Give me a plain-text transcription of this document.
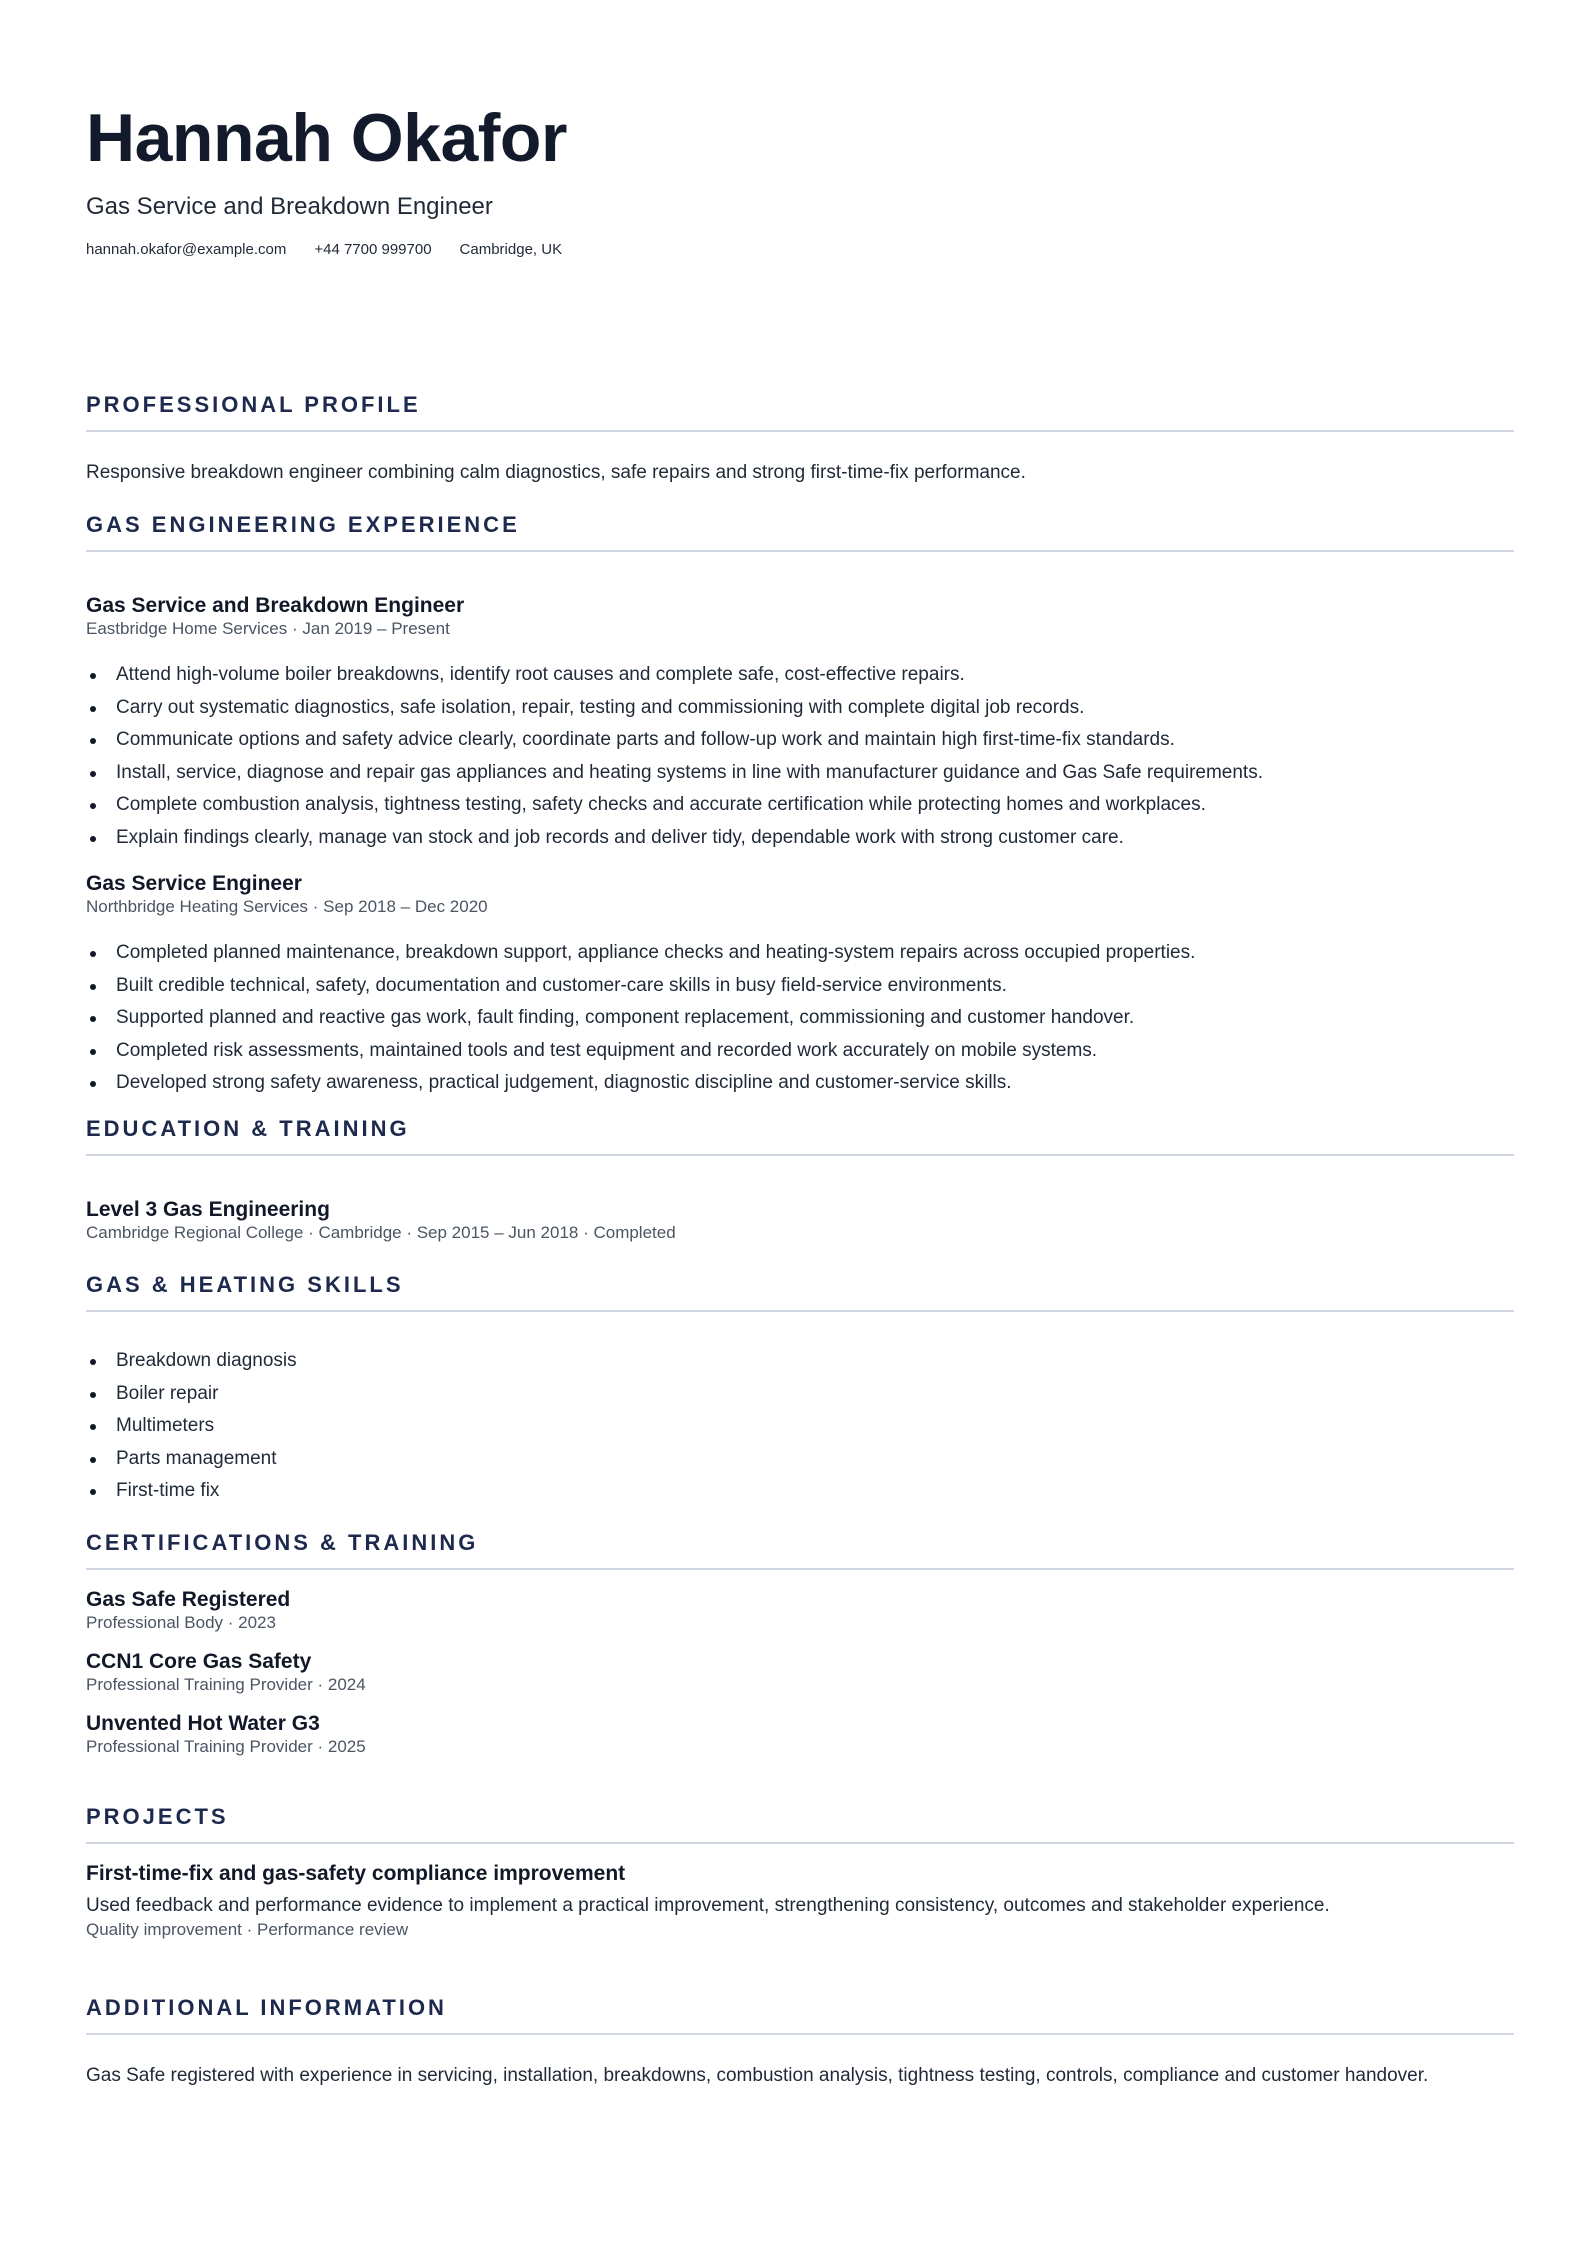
Hannah Okafor
Gas Service and Breakdown Engineer
hannah.okafor@example.com +44 7700 999700 Cambridge, UK
PROFESSIONAL PROFILE
Responsive breakdown engineer combining calm diagnostics, safe repairs and strong first-time-fix performance.
GAS ENGINEERING EXPERIENCE
Gas Service and Breakdown Engineer
Eastbridge Home Services · Jan 2019 – Present
Attend high-volume boiler breakdowns, identify root causes and complete safe, cost-effective repairs.
Carry out systematic diagnostics, safe isolation, repair, testing and commissioning with complete digital job records.
Communicate options and safety advice clearly, coordinate parts and follow-up work and maintain high first-time-fix standards.
Install, service, diagnose and repair gas appliances and heating systems in line with manufacturer guidance and Gas Safe requirements.
Complete combustion analysis, tightness testing, safety checks and accurate certification while protecting homes and workplaces.
Explain findings clearly, manage van stock and job records and deliver tidy, dependable work with strong customer care.
Gas Service Engineer
Northbridge Heating Services · Sep 2018 – Dec 2020
Completed planned maintenance, breakdown support, appliance checks and heating-system repairs across occupied properties.
Built credible technical, safety, documentation and customer-care skills in busy field-service environments.
Supported planned and reactive gas work, fault finding, component replacement, commissioning and customer handover.
Completed risk assessments, maintained tools and test equipment and recorded work accurately on mobile systems.
Developed strong safety awareness, practical judgement, diagnostic discipline and customer-service skills.
EDUCATION & TRAINING
Level 3 Gas Engineering
Cambridge Regional College · Cambridge · Sep 2015 – Jun 2018 · Completed
GAS & HEATING SKILLS
Breakdown diagnosis
Boiler repair
Multimeters
Parts management
First-time fix
CERTIFICATIONS & TRAINING
Gas Safe Registered
Professional Body · 2023
CCN1 Core Gas Safety
Professional Training Provider · 2024
Unvented Hot Water G3
Professional Training Provider · 2025
PROJECTS
First-time-fix and gas-safety compliance improvement
Used feedback and performance evidence to implement a practical improvement, strengthening consistency, outcomes and stakeholder experience.
Quality improvement · Performance review
ADDITIONAL INFORMATION
Gas Safe registered with experience in servicing, installation, breakdowns, combustion analysis, tightness testing, controls, compliance and customer handover.
